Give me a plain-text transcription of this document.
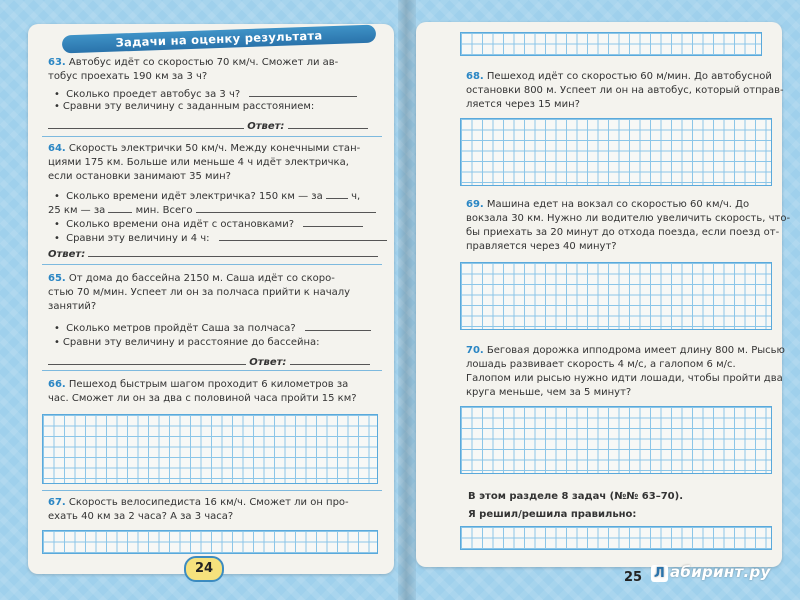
Задачи на оценку результата
63. Автобус идёт со скоростью 70 км/ч. Сможет ли ав-
тобус проехать 190 км за 3 ч?
• Сколько проедет автобус за 3 ч?
• Сравни эту величину с заданным расстоянием:
Ответ:
64. Скорость электрички 50 км/ч. Между конечными стан-
циями 175 км. Больше или меньше 4 ч идёт электричка,
если остановки занимают 35 мин?
• Сколько времени идёт электричка? 150 км — за	ч,
25 км — за	мин. Всего
• Сколько времени она идёт с остановками?
• Сравни эту величину и 4 ч:
Ответ:
65. От дома до бассейна 2150 м. Саша идёт со скоро-
стью 70 м/мин. Успеет ли он за полчаса прийти к началу
занятий?
• Сколько метров пройдёт Саша за полчаса?
• Сравни эту величину и расстояние до бассейна:
Ответ:
66. Пешеход быстрым шагом проходит 6 километров за
час. Сможет ли он за два с половиной часа пройти 15 км?
67. Скорость велосипедиста 16 км/ч. Сможет ли он про-
ехать 40 км за 2 часа? А за 3 часа?
24
68. Пешеход идёт со скоростью 60 м/мин. До автобусной
остановки 800 м. Успеет ли он на автобус, который отправ-
ляется через 15 мин?
69. Машина едет на вокзал со скоростью 60 км/ч. До
вокзала 30 км. Нужно ли водителю увеличить скорость, что-
бы приехать за 20 минут до отхода поезда, если поезд от-
правляется через 40 минут?
70. Беговая дорожка ипподрома имеет длину 800 м. Рысью
лошадь развивает скорость 4 м/с, а галопом 6 м/с.
Галопом или рысью нужно идти лошади, чтобы пройти два
круга меньше, чем за 5 минут?
В этом разделе 8 задач (№№ 63–70).
Я решил/решила правильно:
25 Л абиринт.ру
